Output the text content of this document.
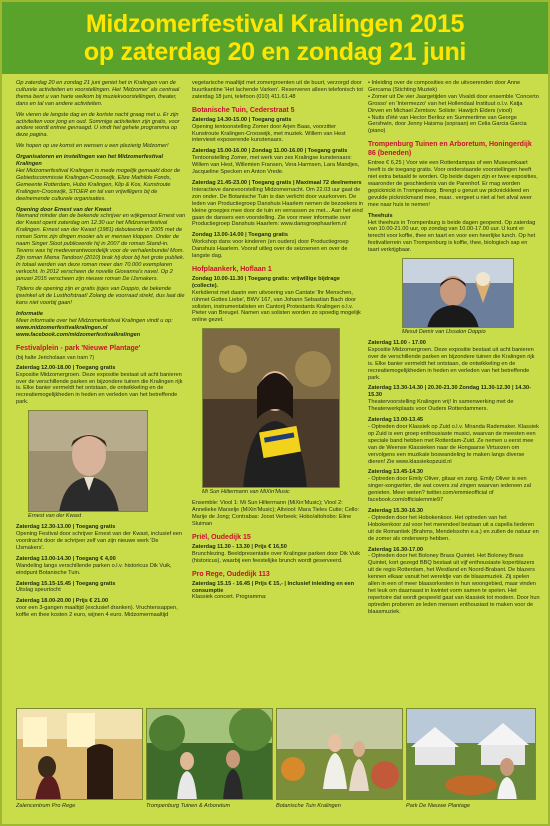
Midzomerfestival Kralingen 2015
op zaterdag 20 en zondag 21 juni
Op zaterdag 20 en zondag 21 juni geniet het in Kralingen van de culturele activiteiten en voorstellingen. Het 'Midzomer' als centraal thema bent u van harte welkom bij muziekvoorstellingen, theater, dans en tal van andere activiteiten.
We vieren de langste dag en de kortste nacht graag met u. Er zijn activiteiten voor jong en oud. Sommige activiteiten zijn gratis, voor andere wordt entree gevraagd. U vindt het gehele programma op deze pagina.
We hopen op uw komst en wensen u een plezierig Midzomer!
Organisatoren en instellingen van het Midzomerfestival Kralingen
Het Midzomerfestival Kralingen is mede mogelijk gemaakt door de Gebiedscommissie Kralingen-Crooswijk, Elize Mathilde Fonds, Gemeente Rotterdam, Hubo Kralingen, Klip & Kos, Kunstroute Kralingen-Crooswijk, STOER en tal van vrijwilligers bij de deelnemende culturele organisaties.
Opening door Ernest van der Kwast
Niemand minder dan de bekende schrijver en wijkgenoot Ernest van der Kwast opent zaterdag om 12.30 uur het Midzomerfestival Kralingen. Ernest van der Kwast (1981) debuteerde in 2005 met de roman Soms zijn dingen mooier als er mensen kloppen. Onder de naam Singer Sloot publiceerde hij in 2007 de roman Stand-in. Tevens was hij medeverantwoordelijk voor de verhalenbundel Mom. Zijn roman Mama Tandoori (2010) brak hij door bij het grote publiek. In totaal werden van deze roman meer dan 70.000 exemplaren verkocht. In 2012 verscheen de novelle Giovanna's navel. Op 2 januari 2015 verscheen zijn nieuwe roman De IJsmakers.
Tijdens de opening zijn er gratis ijsjes van Doppio, de bekende ijswinkel uit de Lusthofstraat! Zolang de voorraad strekt, dus laat die kans niet voorbij gaan!
Informatie
Meer informatie over het Midzomerfestival Kralingen vindt u op:
www.midzomerfestivalkralingen.nl
www.facebook.com/midzomerfestivalkralingen
Festivalplein - park 'Nieuwe Plantage'
(bij halte Jericholaan van tram 7)
Zaterdag 12.00-18.00 | Toegang gratis
Expositie Midzomergroen. Deze expositie bestaat uit acht banieren over de verschillende parken en bijzondere tuinen die Kralingen rijk is. Elke banier vermeldt het ontstaan, de ontwikkeling en de recreatiemogelijkheden in heden en verleden van het betreffende park.
Ernest van der Kwast
Zaterdag 12.30-13.00 | Toegang gratis
Opening Festival door schrijver Ernest van der Kwast, inclusief een voordracht door de schrijver zelf van zijn nieuwe werk 'De IJsmakers'.
Zaterdag 13.00-14.30 | Toegang € 4,00
Wandeling langs verschillende parken o.l.v. historicus Dik Vuik, eindpunt Botanische Tuin.
Zaterdag 15.15-15.45 | Toegang gratis
Uitslag speurtocht
Zaterdag 18.00-20.00 | Prijs € 21.00
voor een 3-gangen maaltijd (exclusief dranken). Vruchtensappen, koffie en thee kosten 2 euro, wijnen 4 euro. Midzomermaaltijd
vegetarische maaltijd met zomergroenten uit de buurt, verzorgd door buurtkantine 'Het lachende Varken'. Reserveren alleen telefonisch tot zaterdag 18 juni, telefoon (010) 411.61.48
Botanische Tuin, Cederstraat 5
Zaterdag 14.30-15.00 | Toegang gratis
Opening tentoonstelling Zomer door Arjen Baas, voorzitter Kunstroute Kralingen-Crooswijk, met muziek. Willem van Hest interviewt exposerende kunstenaars.
Zaterdag 15.00-16.00 | Zondag 11.00-16.00 | Toegang gratis
Tentoonstelling Zomer, met werk van zes Kralingse kunstenaars: Willem van Hest, Willemien Fransen, Vera Harmsen, Lara Mandjes, Jacqueline Specken en Anton Vrede.
Zaterdag 21.45-23.00 | Toegang gratis | Maximaal 72 deelnemers
Interactieve dansvoorstelling Midzomernacht. Om 22.03 uur gaat de zon onder. De Botanische Tuin is dan verlicht door vuurkorven. De leden van Productiegroep Danshuis Haarlem nemen de bezoekers in kleine groepjes mee door de tuin en verrassen ze met... Aan het eind gaan de dansers een voorstelling. Zie voor meer informatie over Productiegroep Danshuis Haarlem: www.dansgroephaarlem.nl
Zondag 13.00-14.00 | Toegang gratis
Workshop dans voor kinderen (en ouders) door Productiegroep Danshuis Haarlem. Vooraf uitleg over de seizoenen en over de langste dag.
Hofplaankerk, Hoflaan 1
Zondag 10.00-11.30 | Toegang gratis: vrijwillige bijdrage (collecte).
Kerkdienst met daarin een uitvoering van Cantate 'Ihr Menschen, rühmet Gottes Liebe', BWV 167, van Johann Sebastian Bach door solisten, instrumentalisten en Cantorij Protestants Kralingen o.l.v. Pieter van Breugel. Namen van solisten worden zo spoedig mogelijk online gezet.
Mi Sun Hiltermann van MiXin'Music
Ensemble: Viool 1: Mi Sun Hiltermann (MiXin'Music); Viool 2: Annelieke Marselje (MiXin'Music); Altviool: Mara Tieles Cutie; Cello: Marije de Jong; Contrabas: Joost Verbeek; Hobo/altohobo: Eline Sluiman
Priël, Oudedijk 15
Zaterdag 11.30 - 13.30 | Prijs € 16,50
Brunchlezing. Beeldpresentatie over Kralingse parken door Dik Vuik (historicus), waarbij een feestelijke brunch wordt geserveerd.
Pro Rege, Oudedijk 113
Zaterdag 15.15 - 16.45 | Prijs € 15,- | Inclusief inleiding en een consumptie
Klassiek concert. Programma:
• Inleiding over de composities en de uitvoerenden door Anne Gercama (Stichting Muziek)
• Zomer uit De vier Jaargetijden van Vivaldi door ensemble 'Concerto Grosso' en 'Intermezzo' van het Hollendaal Instituut o.l.v. Katja Dirven en Michael Zemtsov. Soliste: Hawijch Elders (viool)
• Nuits d'été van Hector Berlioz en Summertime van George Gershwin, door Jenny Haisma (sopraan) en Celia Garcia Garcia (piano)
Trompenburg Tuinen en Arboretum, Honingerdijk 86 (beneden)
Entree € 6,25 | Voor wie een Rotterdampas of een Museumkaart heeft is de toegang gratis. Voor onderstaande voorstellingen heeft niet extra betaald te worden. Op beide dagen zijn er twee exposities, waaronder de geschiedenis van de Parenhof. Er mag worden gepicknickt in Trompenburg. Brengt u gerust uw picknickkleed en gevulde picknickmand mee, maar.. vergeet u niet al het afval weer mee naar huis te nemen!
Theehuis
Het theehuis in Trompenburg is beide dagen geopend. Op zaterdag van 10.00-21.00 uur, op zondag van 10.00-17.00 uur. U kunt er terecht voor koffie, thee en taart en voor een heerlijke lunch. Op het festivalterrein van Trompenburg is koffie, thee, biologisch sap en taart verkrijgbaar.
Mesut Demir van IJssalon Doppio
Zaterdag 11.00 - 17.00
Expositie Midzomergroen. Deze expositie bestaat uit acht banieren over de verschillende parken en bijzondere tuinen die Kralingen rijk is. Elke banier vermeldt het ontstaan, de ontwikkeling en de recreatiemogelijkheden in heden en verleden van het betreffende park.
Zaterdag 13.30-14.30 | 20.30-21.30 Zondag 11.30-12.30 | 14.30-15.30
Theatervoorstelling Kralingen vrij! In samenwerking met de Theaterwerkplaats voor Ouders Rotterdammers.
Zaterdag 13.00-13.45
- Optreden door Klassiek op Zuid o.l.v. Miranda Rademaker. Klassiek op Zuid is een groep enthousiaste musici, waarvan de meesten een speciale band hebben met Rotterdam-Zuid. Ze nemen u eerst mee van de Weense Klassieken naar de Hongaarse Virtuozen om vervolgens een muzikale boswandeling te maken langs diverse dieren! Zie www.klassiekopzuid.nl
Zaterdag 13.45-14.30
- Optreden door Emily Oliver, gitaar en zang. Emily Oliver is een singer-songwriter, die wat covers zal zingen waarvan iedereen zal genieten. Meer weten? twitter.com/emmieofficial of facebook.com/officialemmie97
Zaterdag 15.30-16.30
- Optreden door het Hobokenkoor. Het optreden van het Hobokenkoor zal voor het merendeel bestaan uit a capella liederen uit de Romantiek (Brahms, Mendelssohn e.a.) en zullen de natuur en de zomer als onderwerp hebben.
Zaterdag 16.30-17.00
- Optreden door het Boloney Brass Quintet. Het Boloney Brass Quintet, kort gezegd BBQ bestaat uit vijf enthousiaste koperblazers uit de regio Rotterdam, het Westland en Noord-Brabant. De blazers kennen elkaar vanuit het wereldje van de blaasmuziek. Zij spelen allen in een of meer blaasorkesten in hun woongebied, maar vinden het leuk om daarnaast in kwintet vorm samen te spelen. Het repertoire dat wordt gespeeld gaat van klassiek tot modern. Door hun optreden proberen ze leden mensen enthousiast te maken voor de blaasmuziek.
Zalencentrum Pro Rege	Trompenburg Tuinen & Arboretum	Botanische Tuin Kralingen	Park De Nieuwe Plantage
